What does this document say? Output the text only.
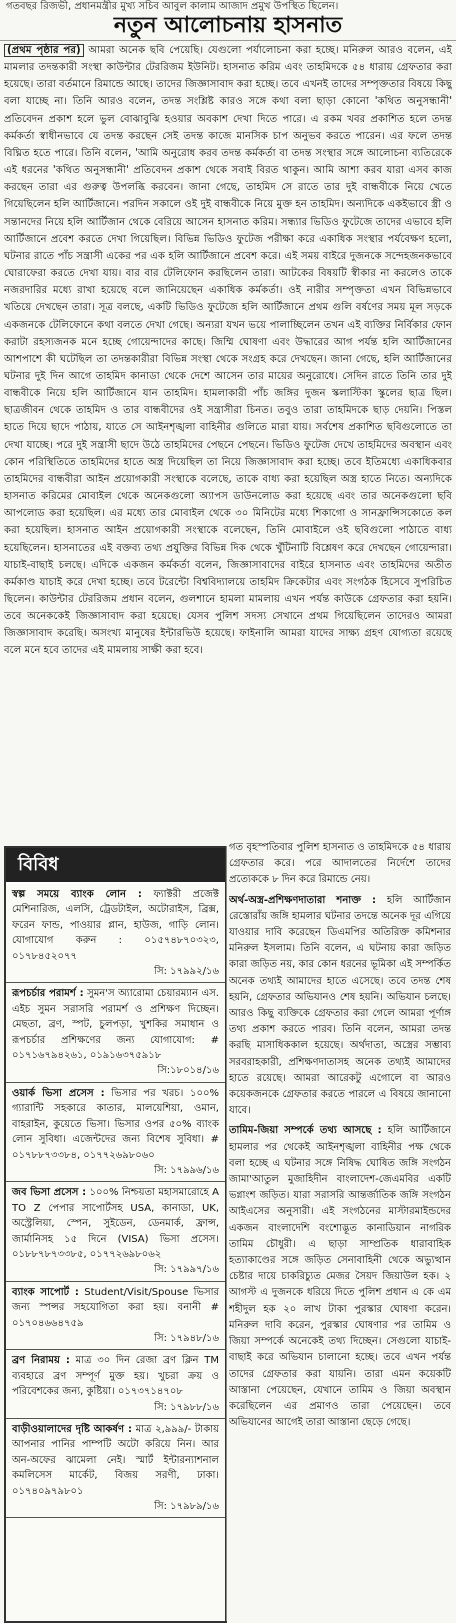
গতবছর রিজভী, প্রধানমন্ত্রীর মুখ্য সচিব আবুল কালাম আজাদ প্রমুখ উপস্থিত ছিলেন।
নতুন আলোচনায় হাসনাত

(প্রথম পৃষ্ঠার পর) আমরা অনেক ছবি পেয়েছি। যেগুলো পর্যালোচনা করা হচ্ছে। মনিরুল আরও বলেন, এই মামলার তদন্তকারী সংস্থা কাউন্টার টেররিজম ইউনিট। হাসনাত করিম এবং তাহমিদকে ৫৪ ধারায় গ্রেফতার করা হয়েছে। তারা বর্তমানে রিমান্ডে আছে। তাদের জিজ্ঞাসাবাদ করা হচ্ছে। তবে এখনই তাদের সম্পৃক্ততার বিষয়ে কিছু বলা যাচ্ছে না। তিনি আরও বলেন, তদন্ত সংশ্লিষ্ট কারও সঙ্গে কথা বলা ছাড়া কোনো 'কথিত অনুসন্ধানী' প্রতিবেদন প্রকাশ হলে ভুল বোঝাবুঝি হওয়ার অবকাশ দেখা দিতে পারে। এ রকম খবর প্রকাশিত হলে তদন্ত কর্মকর্তা স্বাধীনভাবে যে তদন্ত করছেন সেই তদন্ত কাজে মানসিক চাপ অনুভব করতে পারেন। এর ফলে তদন্ত বিঘ্নিত হতে পারে। তিনি বলেন, 'আমি অনুরোধ করব তদন্ত কর্মকর্তা বা তদন্ত সংস্থার সঙ্গে আলোচনা ব্যতিরেকে এই ধরনের 'কথিত অনুসন্ধানী' প্রতিবেদন প্রকাশ থেকে সবাই বিরত থাকুন। আমি আশা করব যারা এসব কাজ করছেন তারা এর গুরুত্ব উপলব্ধি করবেন। জানা গেছে, তাহমিদ সে রাতে তার দুই বান্ধবীকে নিয়ে খেতে গিয়েছিলেন হলি আর্টিজানে। পরদিন সকালে ওই দুই বান্ধবীকে নিয়ে মুক্ত হন তাহমিদ। অন্যদিকে একইভাবে স্ত্রী ও সন্তানদের নিয়ে হলি আর্টিজান থেকে বেরিয়ে আসেন হাসনাত করিম। সন্ধ্যার ভিডিও ফুটেজে তাদের এভাবে হলি আর্টিজানে প্রবেশ করতে দেখা গিয়েছিল। বিভিন্ন ভিডিও ফুটেজ পরীক্ষা করে একাধিক সংস্থার পর্যবেক্ষণ হলো, ঘটনার রাতে পাঁচ সন্ত্রাসী একের পর এক হলি আর্টিজানে প্রবেশ করে। এই সময় বাইরে দুজনকে সন্দেহজনকভাবে ঘোরাফেরা করতে দেখা যায়। বার বার টেলিফোন করছিলেন তারা। আটকের বিষয়টি স্বীকার না করলেও তাকে নজরদারির মধ্যে রাখা হয়েছে বলে জানিয়েছেন একাধিক কর্মকর্তা। ওই নারীর সম্পৃক্ততা এখন বিভিন্নভাবে খতিয়ে দেখছেন তারা। সূত্র বলছে, একটি ভিডিও ফুটেজে হলি আর্টিজানে প্রথম গুলি বর্ষণের সময় মূল সড়কে একজনকে টেলিফোনে কথা বলতে দেখা গেছে। অন্যরা যখন ভয়ে পালাচ্ছিলেন তখন এই ব্যক্তির নির্বিকার ফোন করাটা রহস্যজনক মনে হচ্ছে গোয়েন্দাদের কাছে। জিম্মি ঘোষণা এবং উদ্ধারের আগ পর্যন্ত হলি আর্টিজানের আশপাশে কী ঘটেছিল তা তদন্তকারীরা বিভিন্ন সংস্থা থেকে সংগ্রহ করে দেখছেন। জানা গেছে, হলি আর্টিজানের ঘটনার দুই দিন আগে তাহমিদ কানাডা থেকে দেশে আসেন তার মায়ের অনুরোধে। সেদিন রাতে তিনি তার দুই বান্ধবীকে নিয়ে হলি আর্টিজানে যান তাহমিদ। হামলাকারী পাঁচ জঙ্গির দুজন স্কলাস্টিকা স্কুলের ছাত্র ছিল। ছাত্রজীবন থেকে তাহমিদ ও তার বান্ধবীদের ওই সন্ত্রাসীরা চিনত। তবুও তারা তাহমিদকে ছাড় দেয়নি। পিস্তল হাতে দিয়ে ছাদে পাঠায়, যাতে সে আইনশৃঙ্খলা বাহিনীর গুলিতে মারা যায়। সর্বশেষ প্রকাশিত ছবিগুলোতে তা দেখা যাচ্ছে। পরে দুই সন্ত্রাসী ছাদে উঠে তাহমিদের পেছনে পেছনে। ভিডিও ফুটেজ দেখে তাহমিদের অবস্থান এবং কোন পরিস্থিতিতে তাহমিদের হাতে অস্ত্র দিয়েছিল তা নিয়ে জিজ্ঞাসাবাদ করা হচ্ছে। তবে ইতিমধ্যে একাধিকবার তাহমিদের বান্ধবীরা আইন প্রয়োগকারী সংস্থাকে বলেছে, তাকে বাধ্য করা হয়েছিল অস্ত্র হাতে নিতে। অন্যদিকে হাসনাত করিমের মোবাইল থেকে অনেকগুলো অ্যাপস ডাউনলোড করা হয়েছে এবং তার অনেকগুলো ছবি আপলোড করা হয়েছিল। এর মধ্যে তার মোবাইল থেকে ৩০ মিনিটের মধ্যে শিকাগো ও সানফ্রান্সিসকোতে কল করা হয়েছিল। হাসনাত আইন প্রয়োগকারী সংস্থাকে বলেছেন, তিনি মোবাইলে ওই ছবিগুলো পাঠাতে বাধ্য হয়েছিলেন। হাসনাতের এই বক্তব্য তথ্য প্রযুক্তির বিভিন্ন দিক থেকে খুঁটিনাটি বিশ্লেষণ করে দেখছেন গোয়েন্দারা। যাচাই-বাছাই চলছে। এদিকে একজন কর্মকর্তা বলেন, জিজ্ঞাসাবাদের বাইরে হাসনাত এবং তাহমিদের অতীত কর্মকাণ্ড যাচাই করে দেখা হচ্ছে। তবে টরেন্টো বিশ্ববিদ্যালয়ে তাহমিদ ক্রিকেটার এবং সংগঠক হিসেবে সুপরিচিত ছিলেন। কাউন্টার টেররিজম প্রধান বলেন, গুলশানে হামলা মামলায় এখন পর্যন্ত কাউকে গ্রেফতার করা হয়নি। তবে অনেককেই জিজ্ঞাসাবাদ করা হয়েছে। যেসব পুলিশ সদস্য সেখানে প্রথম গিয়েছিলেন তাদেরও আমরা জিজ্ঞাসাবাদ করেছি। অসংখ্য মানুষের ইন্টারভিউ হয়েছে। ফাইনালি আমরা যাদের সাক্ষ্য গ্রহণ যোগ্যতা রয়েছে বলে মনে হবে তাদের এই মামলায় সাক্ষী করা হবে।

বিবিধ
স্বল্প সময়ে ব্যাংক লোন : ফ্যাক্টরী প্রজেক্ট মেশিনারিজ, এলসি, ট্রেডটাইল, অটোরাইস, ব্রিক্স, ফরেন ফান্ড, পাওয়ার প্লান, হাউজ, গাড়ি লোন। যোগাযোগ করুন : ০১৫৭৪৮৭০৩২৩, ০১৭৮৪৫২০৭৭
সি: ১৭৯৯২/১৬
রূপচর্চার পরামর্শ : সুমন'স অ্যারোমা চেয়ারম্যান এস. এইচ সুমন সরাসরি পরামর্শ ও প্রশিক্ষণ দিচ্ছেন। মেছতা, ব্রণ, স্পট, চুলপড়া, খুশকির সমাধান ও রূপচর্চার প্রশিক্ষণের জন্য যোগাযোগ: # ০১৭১৬৭৯৪২৬১, ০১৯১৬৩৭৫৯১৮
সি:১৮০১৪/১৬
ওয়ার্ক ভিসা প্রসেস : ভিসার পর খরচ। ১০০% গ্যারান্টি সহকারে কাতার, মালয়েশিয়া, ওমান, বাহরাইন, কুয়েতে ভিসা। ভিসার ওপর ৫০% ব্যাংক লোন সুবিধা। এজেন্টদের জন্য বিশেষ সুবিধা। # ০১৭৮৮৭৩৩৮৪, ০১৭৭২৬৯৮০৬০
সি: ১৭৯৯৬/১৬
জব ভিসা প্রসেস : ১০০% নিশ্চয়তা মহাসমারোহে A TO Z পেপার সাপোর্টসহ USA, কানাডা, UK, অস্ট্রেলিয়া, স্পেন, সুইডেন, ডেনমার্ক, ফ্রান্স, জার্মানিসহ ১৫ দিনে (VISA) ভিসা প্রসেস। ০১৮৮৭৮৭৩৩৮৫, ০১৭৭২৬৯৮০৬২
সি: ১৭৯৯৭/১৬
ব্যাংক সাপোর্ট : Student/Visit/Spouse ভিসার জন্য স্পন্সর সহযোগিতা করা হয়। বনানী # ০১৭০৪৬৬৪৭৫৯
সি: ১৭৯৪৮/১৬
ব্রণ নিরাময় : মাত্র ৩০ দিন রেজা ব্রণ ক্লিন TM ব্যবহারে ব্রণ সম্পূর্ণ মুক্ত হয়। খুচরা ক্রয় ও পরিবেশকের জন্য, কুষ্টিয়া। ০১৭৩৭১৪৭০৮
সি: ১৭৯৮৮/১৬
বাড়ীওয়ালাদের দৃষ্টি আকর্ষণ : মাত্র ২,৯৯৯/- টাকায় আপনার পানির পাম্পটি অটো করিয়ে নিন। আর অন-অফের ঝামেলা নেই। স্মার্ট ইন্টারন্যাশনাল কমলিসেস মার্কেট, বিজয় সরণী, ঢাকা। ০১৭৪০৯৭৯৮০১
সি: ১৭৯৮৯/১৬

গত বৃহস্পতিবার পুলিশ হাসনাত ও তাহমিদকে ৫৪ ধারায় গ্রেফতার করে। পরে আদালতের নির্দেশে তাদের প্রত্যেককে ৮ দিন করে রিমান্ডে নেয়।

অর্থ-অস্ত্র-প্রশিক্ষণদাতারা শনাক্ত : হলি আর্টিজান রেস্তোরাঁয় জঙ্গি হামলার ঘটনার তদন্তে অনেক দূর এগিয়ে যাওয়ার দাবি করেছেন ডিএমপির অতিরিক্ত কমিশনার মনিরুল ইসলাম। তিনি বলেন, এ ঘটনায় কারা জড়িত কারা জড়িত নয়, কার কোন ধরনের ভূমিকা এই সম্পর্কিত অনেক তথ্যই আমাদের হাতে এসেছে। তবে তদন্ত শেষ হয়নি, গ্রেফতার অভিযানও শেষ হয়নি। অভিযান চলছে। আরও কিছু ব্যক্তিকে গ্রেফতার করা গেলে আমরা পূর্ণাঙ্গ তথ্য প্রকাশ করতে পারব। তিনি বলেন, আমরা তদন্ত করছি মাসাধিককাল হয়েছে। অর্থদাতা, অস্ত্রের সম্ভাব্য সরবরাহকারী, প্রশিক্ষণদাতাসহ অনেক তথ্যই আমাদের হাতে রয়েছে। আমরা আরেকটু এগোলে বা আরও কয়েকজনকে গ্রেফতার করতে পারলে এ বিষয়ে জানানো যাবে।

তামিম-জিয়া সম্পর্কে তথ্য আসছে : হলি আর্টিজানে হামলার পর থেকেই আইনশৃঙ্খলা বাহিনীর পক্ষ থেকে বলা হচ্ছে এ ঘটনার সঙ্গে নিষিদ্ধ ঘোষিত জঙ্গি সংগঠন জামা'আতুল মুজাহিদীন বাংলাদেশ-জেএমবির একটি ভগ্নাংশ জড়িত। যারা সরাসরি আন্তর্জাতিক জঙ্গি সংগঠন আইএসের অনুসারী। এই সংগঠনের মাস্টারমাইন্ডদের একজন বাংলাদেশি বংশোদ্ভূত কানাডিয়ান নাগরিক তামিম চৌধুরী। এ ছাড়া সাম্প্রতিক ধারাবাহিক হত্যাকাণ্ডের সঙ্গে জড়িত সেনাবাহিনী থেকে অভ্যুত্থান চেষ্টার দায়ে চাকরিচ্যুত মেজর সৈয়দ জিয়াউল হক। ২ আগস্ট এ দুজনকে ধরিয়ে দিতে পুলিশ প্রধান এ কে এম শহীদুল হক ২০ লাখ টাকা পুরস্কার ঘোষণা করেন। মনিরুল দাবি করেন, পুরস্কার ঘোষণার পর তামিম ও জিয়া সম্পর্কে অনেকেই তথ্য দিচ্ছেন। সেগুলো যাচাই-বাছাই করে অভিযান চালানো হচ্ছে। তবে এখন পর্যন্ত তাদের গ্রেফতার করা যায়নি। তারা এমন কয়েকটি আস্তানা পেয়েছেন, যেখানে তামিম ও জিয়া অবস্থান করেছিলেন এর প্রমাণও তারা পেয়েছেন। তবে অভিযানের আগেই তারা আস্তানা ছেড়ে গেছে।
